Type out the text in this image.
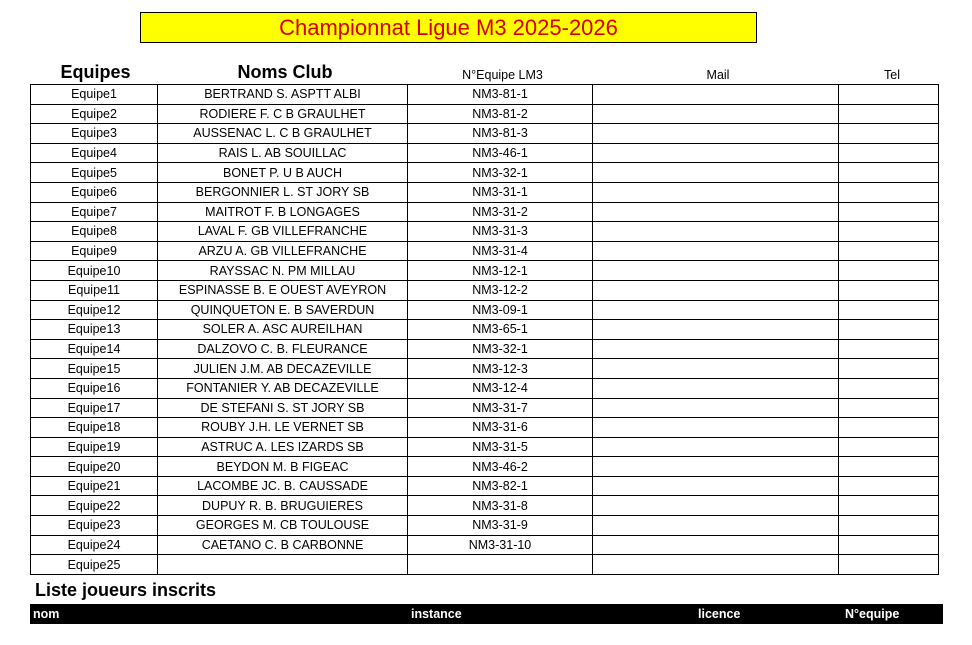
Championnat Ligue M3 2025-2026
Equipes	Noms Club	N°Equipe LM3	Mail	Tel
Equipe1	BERTRAND S. ASPTT ALBI	NM3-81-1		
Equipe2	RODIERE F. C B GRAULHET	NM3-81-2		
Equipe3	AUSSENAC L. C B GRAULHET	NM3-81-3		
Equipe4	RAIS L. AB SOUILLAC	NM3-46-1		
Equipe5	BONET P. U B AUCH	NM3-32-1		
Equipe6	BERGONNIER L. ST JORY SB	NM3-31-1		
Equipe7	MAITROT F. B LONGAGES	NM3-31-2		
Equipe8	LAVAL F. GB VILLEFRANCHE	NM3-31-3		
Equipe9	ARZU A. GB VILLEFRANCHE	NM3-31-4		
Equipe10	RAYSSAC N. PM MILLAU	NM3-12-1		
Equipe11	ESPINASSE B. E OUEST AVEYRON	NM3-12-2		
Equipe12	QUINQUETON E. B SAVERDUN	NM3-09-1		
Equipe13	SOLER A. ASC AUREILHAN	NM3-65-1		
Equipe14	DALZOVO C. B. FLEURANCE	NM3-32-1		
Equipe15	JULIEN J.M. AB DECAZEVILLE	NM3-12-3		
Equipe16	FONTANIER Y. AB DECAZEVILLE	NM3-12-4		
Equipe17	DE STEFANI S. ST JORY SB	NM3-31-7		
Equipe18	ROUBY J.H. LE VERNET SB	NM3-31-6		
Equipe19	ASTRUC A. LES IZARDS SB	NM3-31-5		
Equipe20	BEYDON M. B FIGEAC	NM3-46-2		
Equipe21	LACOMBE JC. B. CAUSSADE	NM3-82-1		
Equipe22	DUPUY R. B. BRUGUIERES	NM3-31-8		
Equipe23	GEORGES M. CB TOULOUSE	NM3-31-9		
Equipe24	CAETANO C. B CARBONNE	NM3-31-10		
Equipe25				
Liste joueurs inscrits
nom	instance	licence	N°equipe
